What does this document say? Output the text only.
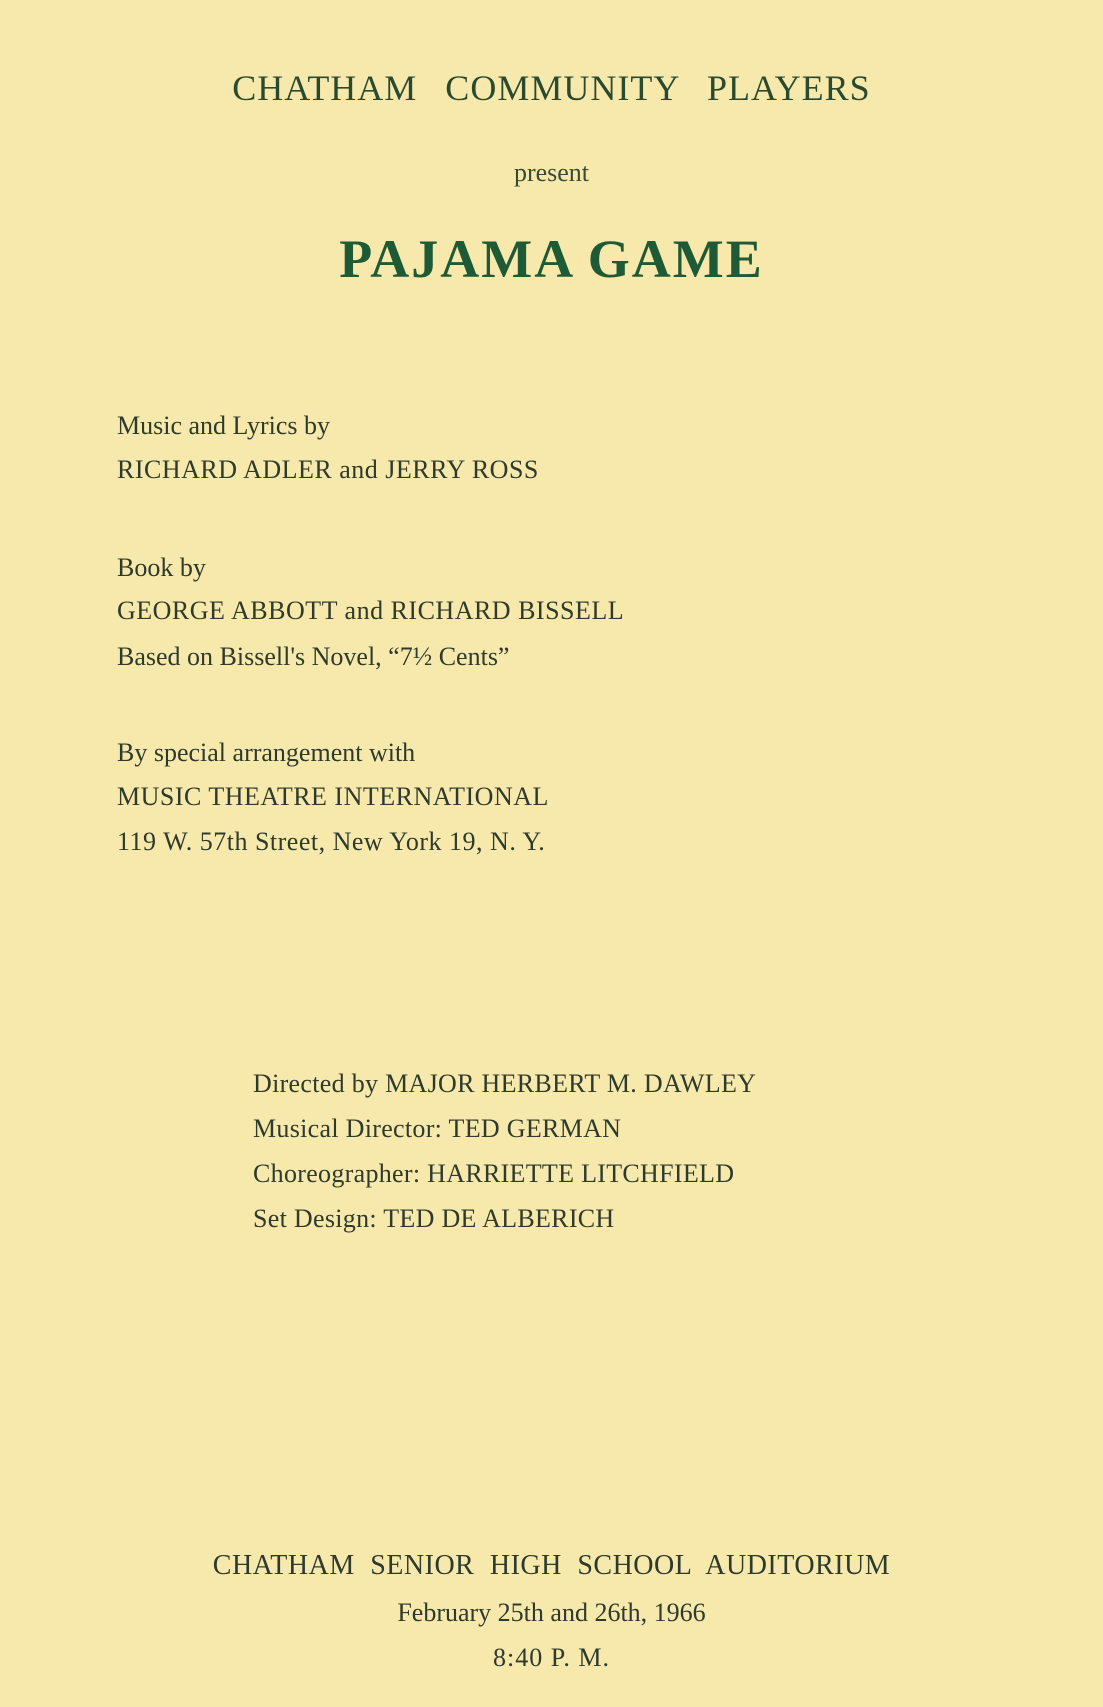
CHATHAM COMMUNITY PLAYERS

present

PAJAMA GAME

Music and Lyrics by

RICHARD ADLER and JERRY ROSS

Book by

GEORGE ABBOTT and RICHARD BISSELL

Based on Bissell's Novel, “7½ Cents”

By special arrangement with

MUSIC THEATRE INTERNATIONAL

119 W. 57th Street, New York 19, N. Y.

Directed by MAJOR HERBERT M. DAWLEY

Musical Director: TED GERMAN

Choreographer: HARRIETTE LITCHFIELD

Set Design: TED DE ALBERICH

CHATHAM SENIOR HIGH SCHOOL AUDITORIUM

February 25th and 26th, 1966

8:40 P. M.
